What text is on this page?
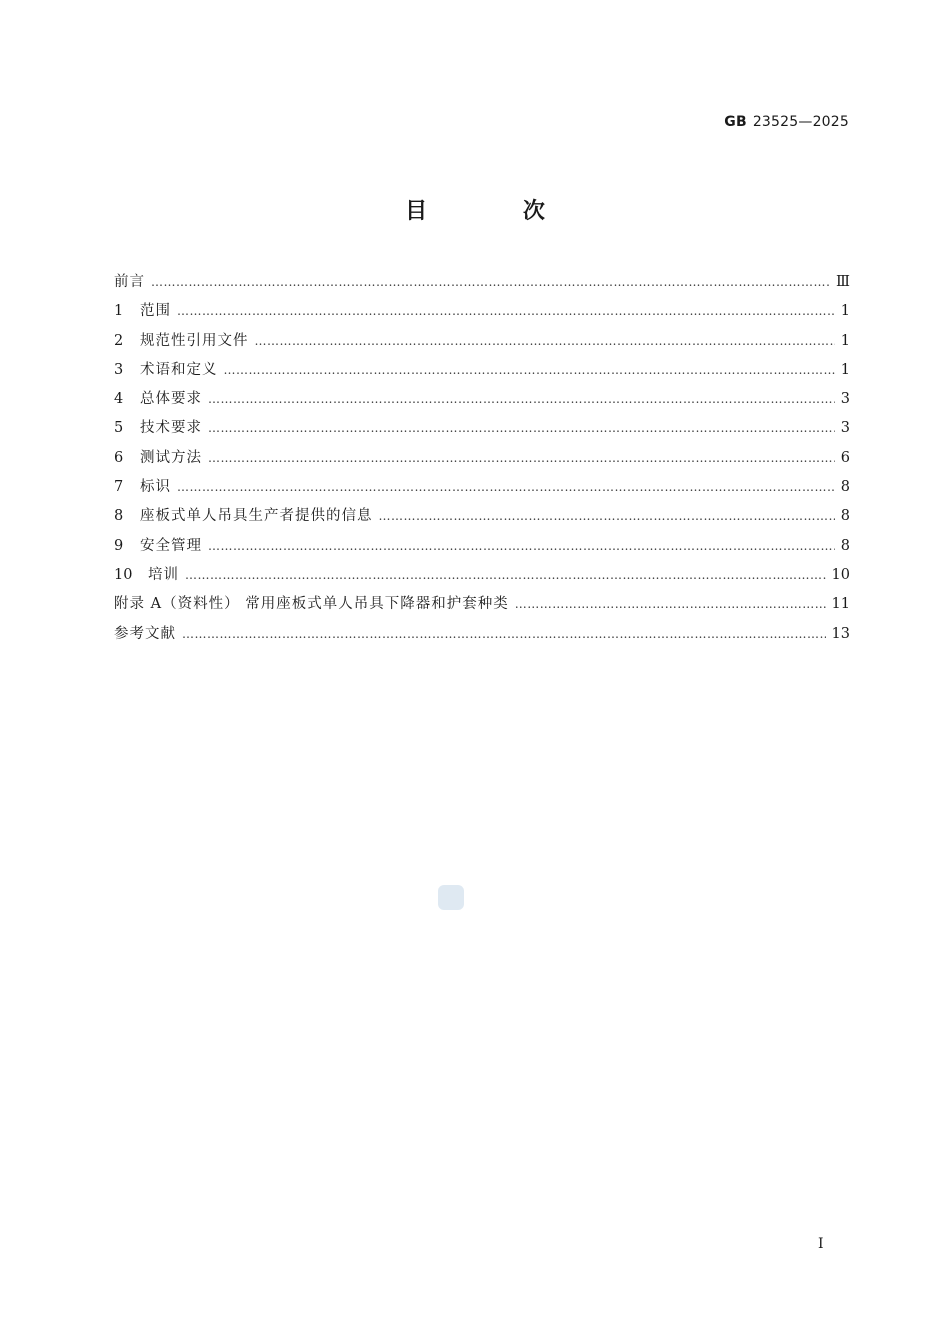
GB 23525—2025
目 次
前言 …………………………………………………………………………………………………………………………………………………………………………………………………………	Ⅲ
1	范围 …………………………………………………………………………………………………………………………………………………………………………………………………………	1
2	规范性引用文件 …………………………………………………………………………………………………………………………………………………………………………………………………………	1
3	术语和定义 …………………………………………………………………………………………………………………………………………………………………………………………………………	1
4	总体要求 …………………………………………………………………………………………………………………………………………………………………………………………………………	3
5	技术要求 …………………………………………………………………………………………………………………………………………………………………………………………………………	3
6	测试方法 …………………………………………………………………………………………………………………………………………………………………………………………………………	6
7	标识 …………………………………………………………………………………………………………………………………………………………………………………………………………	8
8	座板式单人吊具生产者提供的信息 …………………………………………………………………………………………………………………………………………………………………………………………………………	8
9	安全管理 …………………………………………………………………………………………………………………………………………………………………………………………………………	8
10	培训 …………………………………………………………………………………………………………………………………………………………………………………………………………	10
附录 A（资料性） 常用座板式单人吊具下降器和护套种类 …………………………………………………………………………………………………………………………………………………………………………………………………………	11
参考文献 …………………………………………………………………………………………………………………………………………………………………………………………………………	13
Ⅰ
